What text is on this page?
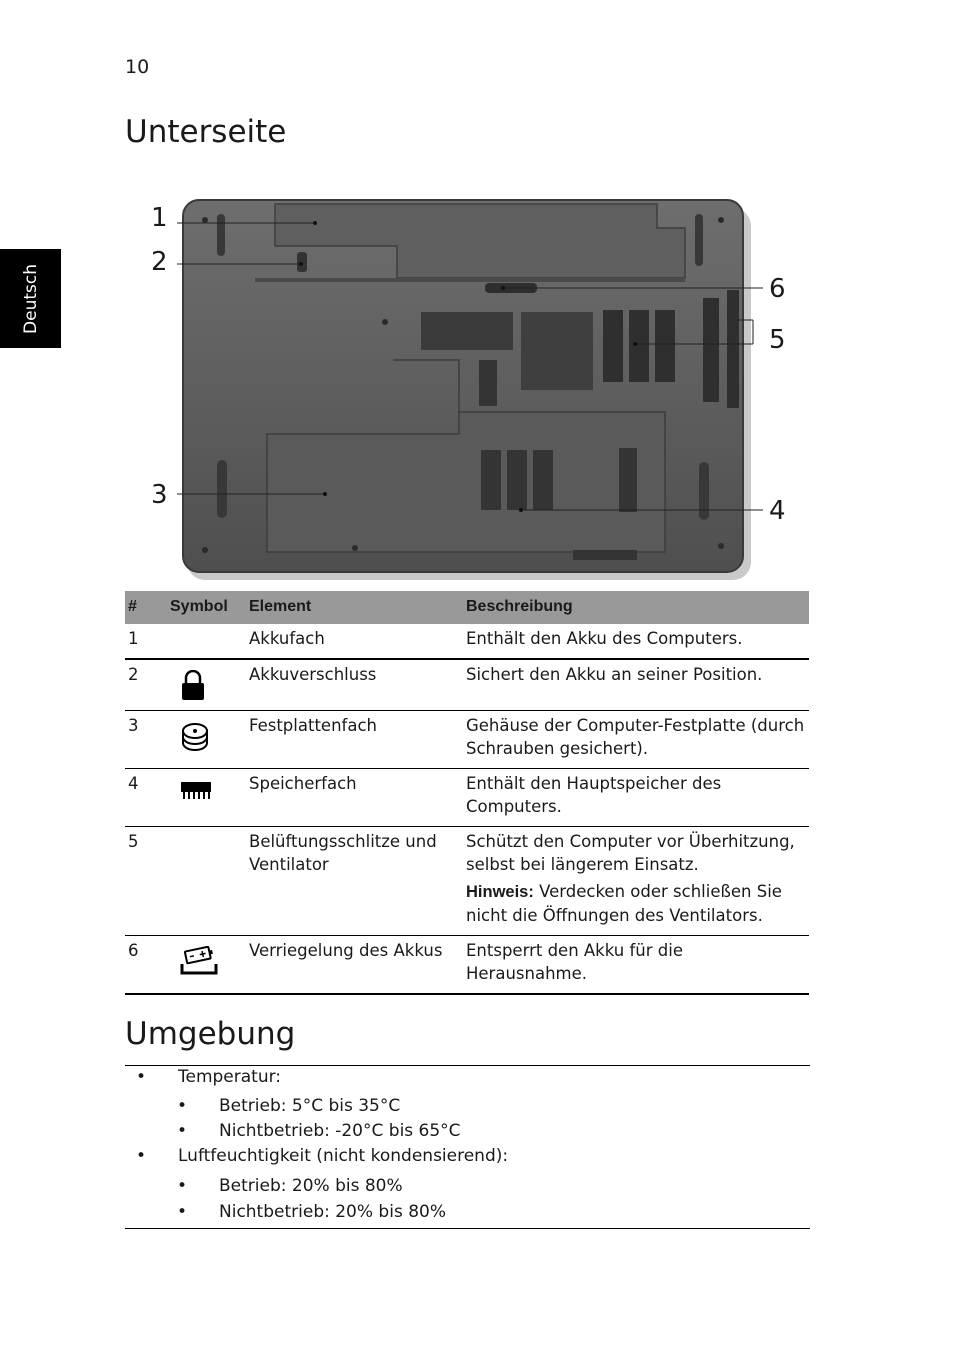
10
Deutsch
Unterseite
1
2
3
4
5
6
#	Symbol	Element	Beschreibung
1		Akkufach	Enthält den Akku des Computers.
2		Akkuverschluss	Sichert den Akku an seiner Position.
3		Festplattenfach	Gehäuse der Computer-Festplatte (durch Schrauben gesichert).
4		Speicherfach	Enthält den Hauptspeicher des Computers.
5		Belüftungsschlitze und Ventilator	Schützt den Computer vor Überhitzung, selbst bei längerem Einsatz.
Hinweis: Verdecken oder schließen Sie nicht die Öffnungen des Ventilators.

6		Verriegelung des Akkus	Entsperrt den Akku für die Herausnahme.
Umgebung
• Temperatur:
• Betrieb: 5°C bis 35°C
• Nichtbetrieb: -20°C bis 65°C
• Luftfeuchtigkeit (nicht kondensierend):
• Betrieb: 20% bis 80%
• Nichtbetrieb: 20% bis 80%
